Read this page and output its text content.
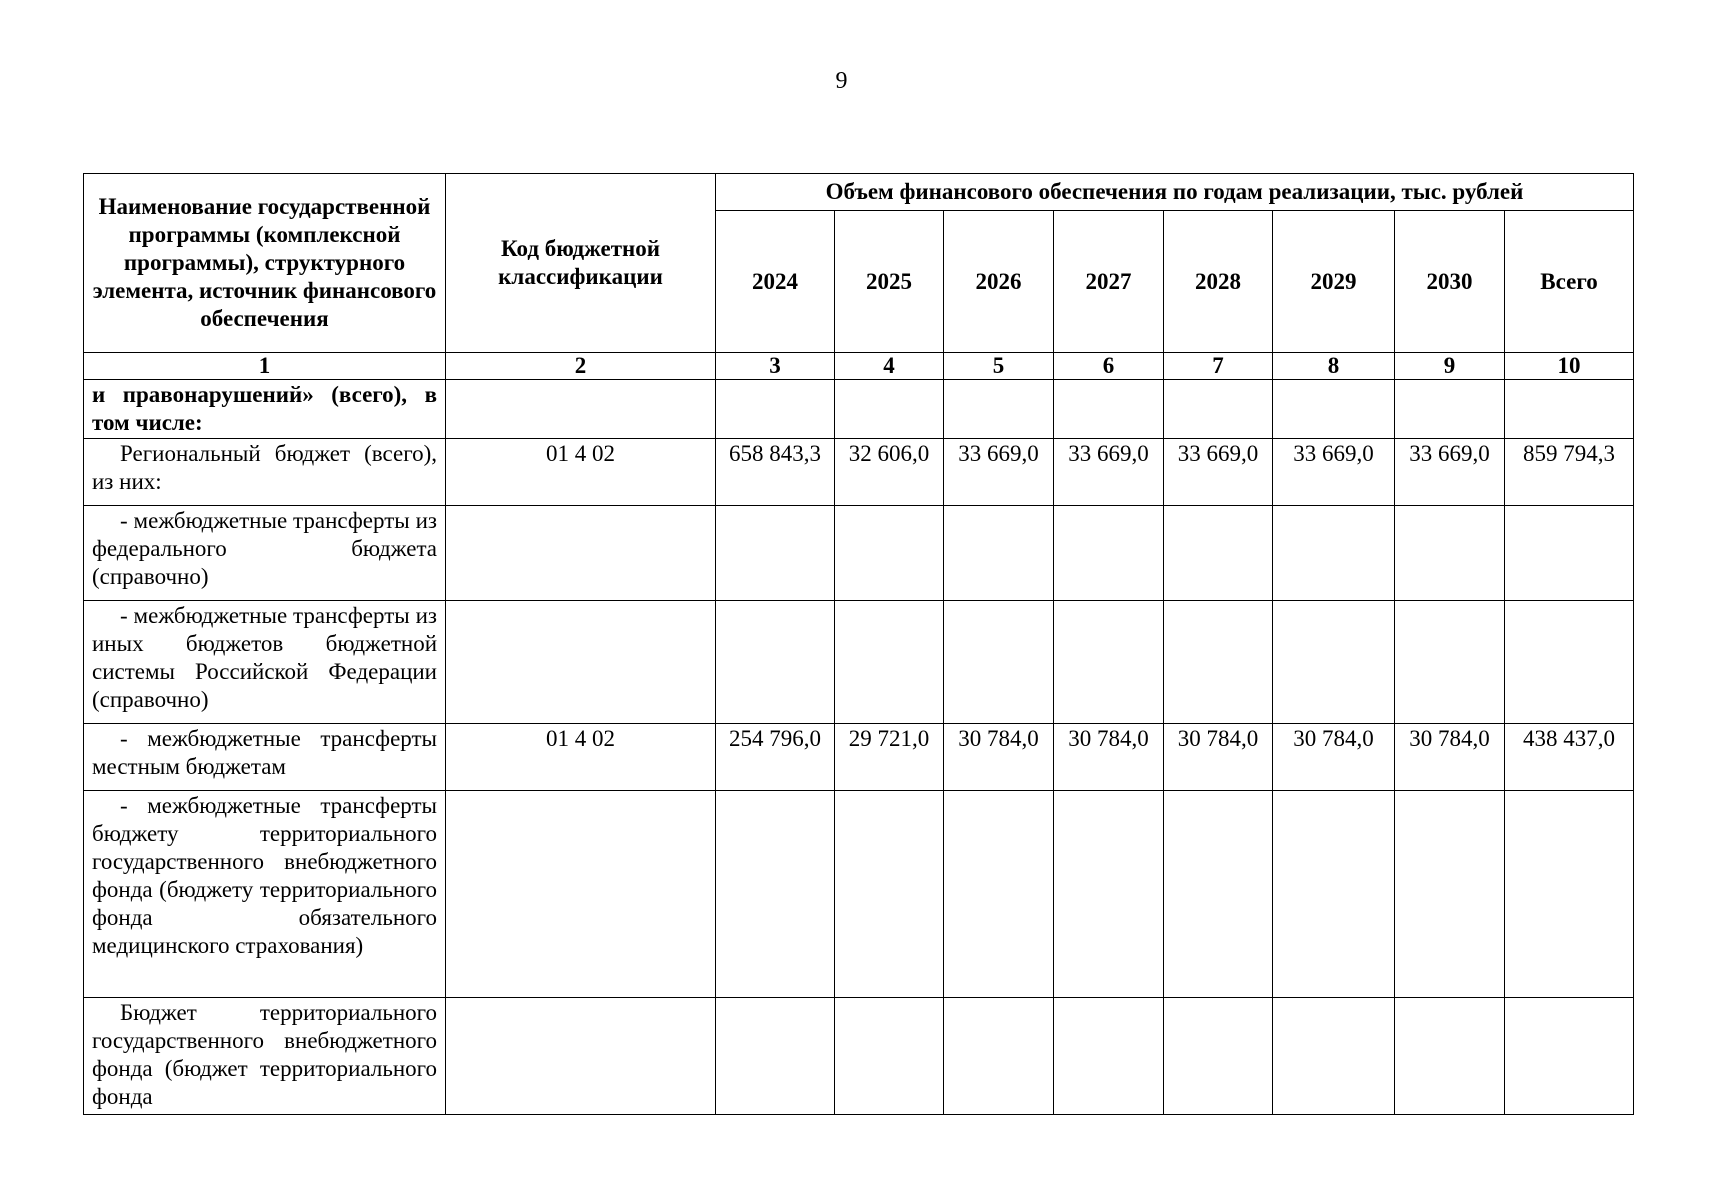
9
Наименование государственной программы (комплексной программы), структурного элемента, источник финансового обеспечения	Код бюджетной классификации	Объем финансового обеспечения по годам реализации, тыс. рублей							
		2024	2025	2026	2027	2028	2029	2030	Всего
1	2	3	4	5	6	7	8	9	10
и правонарушений» (всего), в том числе:									
Региональный бюджет (всего), из них:	01 4 02	658 843,3	32 606,0	33 669,0	33 669,0	33 669,0	33 669,0	33 669,0	859 794,3
- межбюджетные трансферты из федерального бюджета (справочно)									
- межбюджетные трансферты из иных бюджетов бюджетной системы Российской Федерации (справочно)									
- межбюджетные трансферты местным бюджетам	01 4 02	254 796,0	29 721,0	30 784,0	30 784,0	30 784,0	30 784,0	30 784,0	438 437,0
- межбюджетные трансферты бюджету территориального государственного внебюджетного фонда (бюджету территориального фонда обязательного медицинского страхования)									
Бюджет территориального государственного внебюджетного фонда (бюджет территориального фонда									
